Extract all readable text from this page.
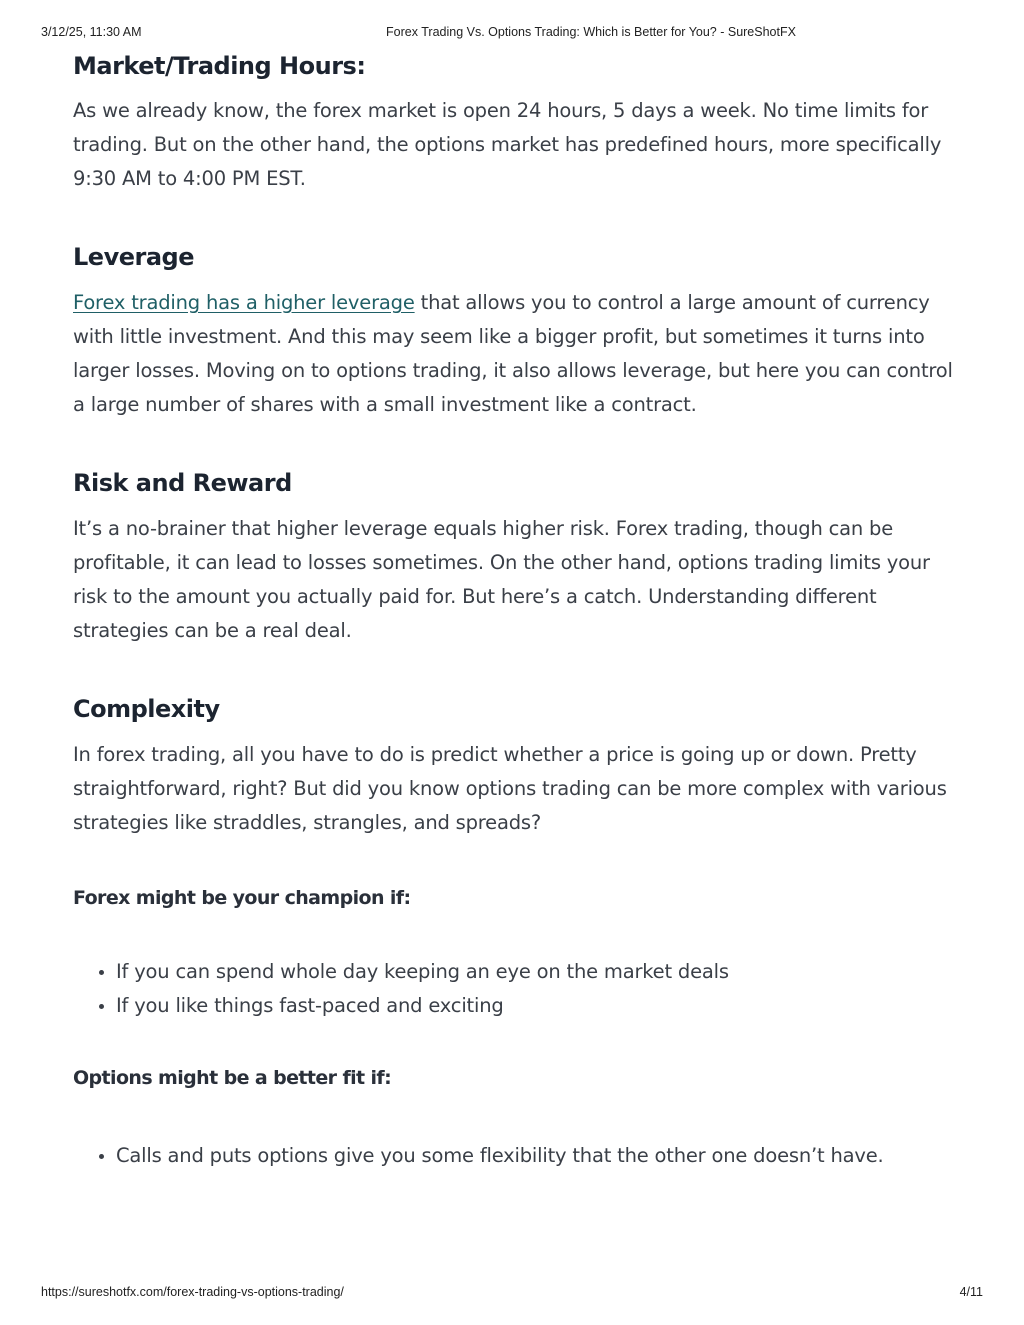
3/12/25, 11:30 AM	Forex Trading Vs. Options Trading: Which is Better for You? - SureShotFX
Market/Trading Hours:

As we already know, the forex market is open 24 hours, 5 days a week. No time limits for trading. But on the other hand, the options market has predefined hours, more specifically 9:30 AM to 4:00 PM EST.

Leverage

Forex trading has a higher leverage that allows you to control a large amount of currency with little investment. And this may seem like a bigger profit, but sometimes it turns into larger losses. Moving on to options trading, it also allows leverage, but here you can control a large number of shares with a small investment like a contract.

Risk and Reward

It’s a no-brainer that higher leverage equals higher risk. Forex trading, though can be profitable, it can lead to losses sometimes. On the other hand, options trading limits your risk to the amount you actually paid for. But here’s a catch. Understanding different strategies can be a real deal.

Complexity

In forex trading, all you have to do is predict whether a price is going up or down. Pretty straightforward, right? But did you know options trading can be more complex with various strategies like straddles, strangles, and spreads?

Forex might be your champion if:
• If you can spend whole day keeping an eye on the market deals
• If you like things fast-paced and exciting
Options might be a better fit if:
• Calls and puts options give you some flexibility that the other one doesn’t have.
https://sureshotfx.com/forex-trading-vs-options-trading/	4/11
